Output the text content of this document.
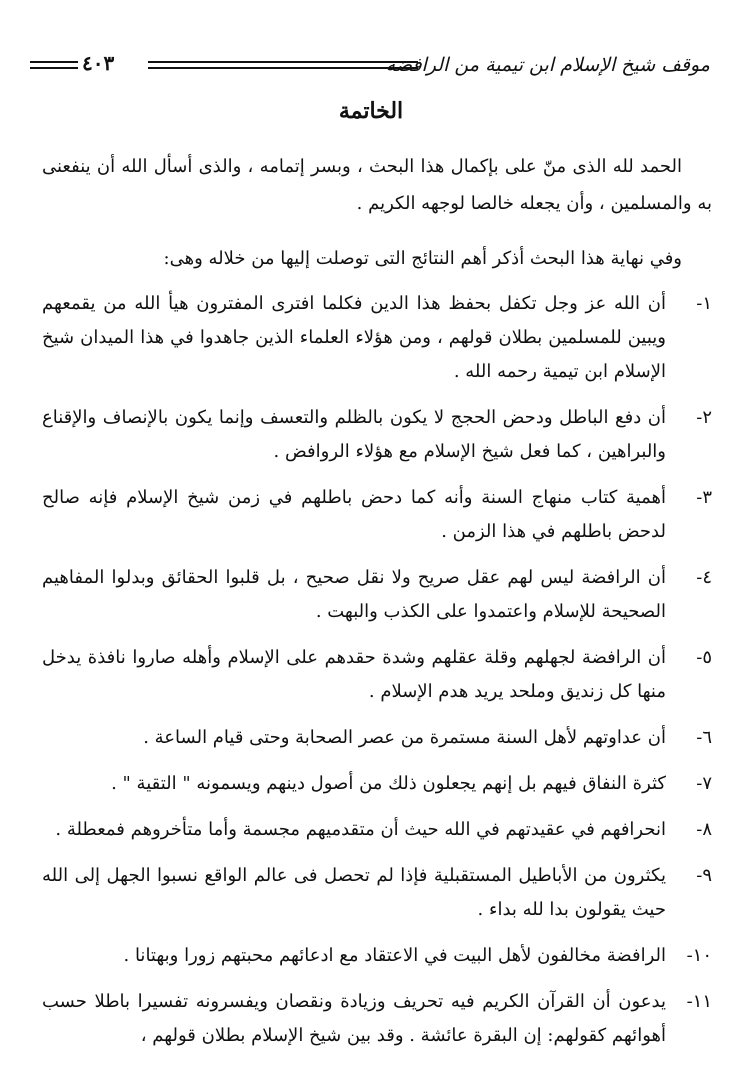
موقف شيخ الإسلام ابن تيمية من الرافضة
٤٠٣
الخاتمة

الحمد لله الذى منّ على بإكمال هذا البحث ، وبسر إتمامه ، والذى أسأل الله أن ينفعنى به والمسلمين ، وأن يجعله خالصا لوجهه الكريم .

وفي نهاية هذا البحث أذكر أهم النتائج التى توصلت إليها من خلاله وهى:

١-
أن الله عز وجل تكفل بحفظ هذا الدين فكلما افترى المفترون هيأ الله من يقمعهم ويبين للمسلمين بطلان قولهم ، ومن هؤلاء العلماء الذين جاهدوا في هذا الميدان شيخ الإسلام ابن تيمية رحمه الله .
٢-
أن دفع الباطل ودحض الحجج لا يكون بالظلم والتعسف وإنما يكون بالإنصاف والإقناع والبراهين ، كما فعل شيخ الإسلام مع هؤلاء الروافض .
٣-
أهمية كتاب منهاج السنة وأنه كما دحض باطلهم في زمن شيخ الإسلام فإنه صالح لدحض باطلهم في هذا الزمن .
٤-
أن الرافضة ليس لهم عقل صريح ولا نقل صحيح ، بل قلبوا الحقائق وبدلوا المفاهيم الصحيحة للإسلام واعتمدوا على الكذب والبهت .
٥-
أن الرافضة لجهلهم وقلة عقلهم وشدة حقدهم على الإسلام وأهله صاروا نافذة يدخل منها كل زنديق وملحد يريد هدم الإسلام .
٦-
أن عداوتهم لأهل السنة مستمرة من عصر الصحابة وحتى قيام الساعة .
٧-
كثرة النفاق فيهم بل إنهم يجعلون ذلك من أصول دينهم ويسمونه " التقية " .
٨-
انحرافهم في عقيدتهم في الله حيث أن متقدميهم مجسمة وأما متأخروهم فمعطلة .
٩-
يكثرون من الأباطيل المستقبلية فإذا لم تحصل فى عالم الواقع نسبوا الجهل إلى الله حيث يقولون بدا لله بداء .
١٠-
الرافضة مخالفون لأهل البيت في الاعتقاد مع ادعائهم محبتهم زورا وبهتانا .
١١-
يدعون أن القرآن الكريم فيه تحريف وزيادة ونقصان ويفسرونه تفسيرا باطلا حسب أهوائهم كقولهم: إن البقرة عائشة . وقد بين شيخ الإسلام بطلان قولهم ،
